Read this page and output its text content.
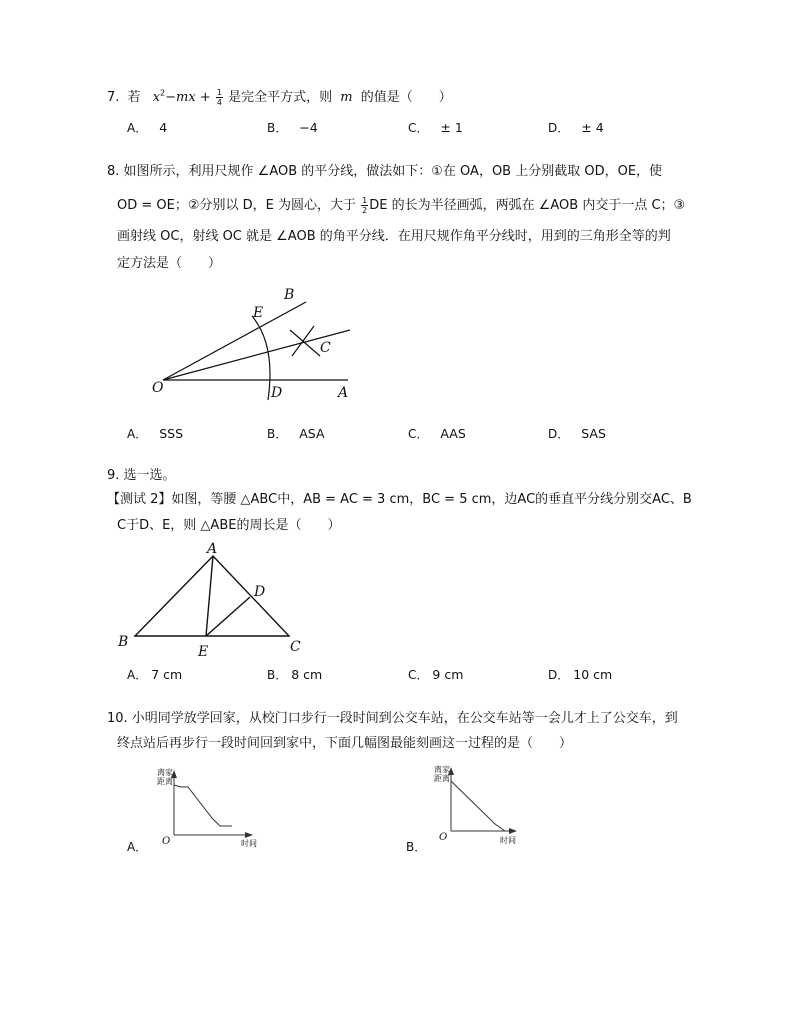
7. 若 $x^2-mx + \frac{1}{4}$ 是完全平方式，则 m 的值是（　　）
A． 4	B． −4	C． ± 1	D． ± 4
8. 如图所示，利用尺规作 ∠AOB 的平分线，做法如下：①在 OA，OB 上分别截取 OD，OE，使
OD = OE；②分别以 D，E 为圆心，大于 $\frac{1}{2}$ DE 的长为半径画弧，两弧在 ∠AOB 内交于一点 C；③
画射线 OC，射线 OC 就是 ∠AOB 的角平分线．在用尺规作角平分线时，用到的三角形全等的判
定方法是（　　）
B
E
C
O	D	A
A． SSS	B． ASA	C． AAS	D． SAS
9. 选一选。
【测试 2】如图，等腰 △ABC中，AB = AC = 3 cm，BC = 5 cm，边AC的垂直平分线分别交AC、B
C于D、E，则 △ABE的周长是（　　）
A
B	C
D
E
A． 7 cm	B． 8 cm	C． 9 cm	D． 10 cm
10. 小明同学放学回家，从校门口步行一段时间到公交车站，在公交车站等一会儿才上了公交车，到
终点站后再步行一段时间回到家中，下面几幅图最能刻画这一过程的是（　　）
离家
距离
O	时间
A．
离家
距离
O	时间
B．
